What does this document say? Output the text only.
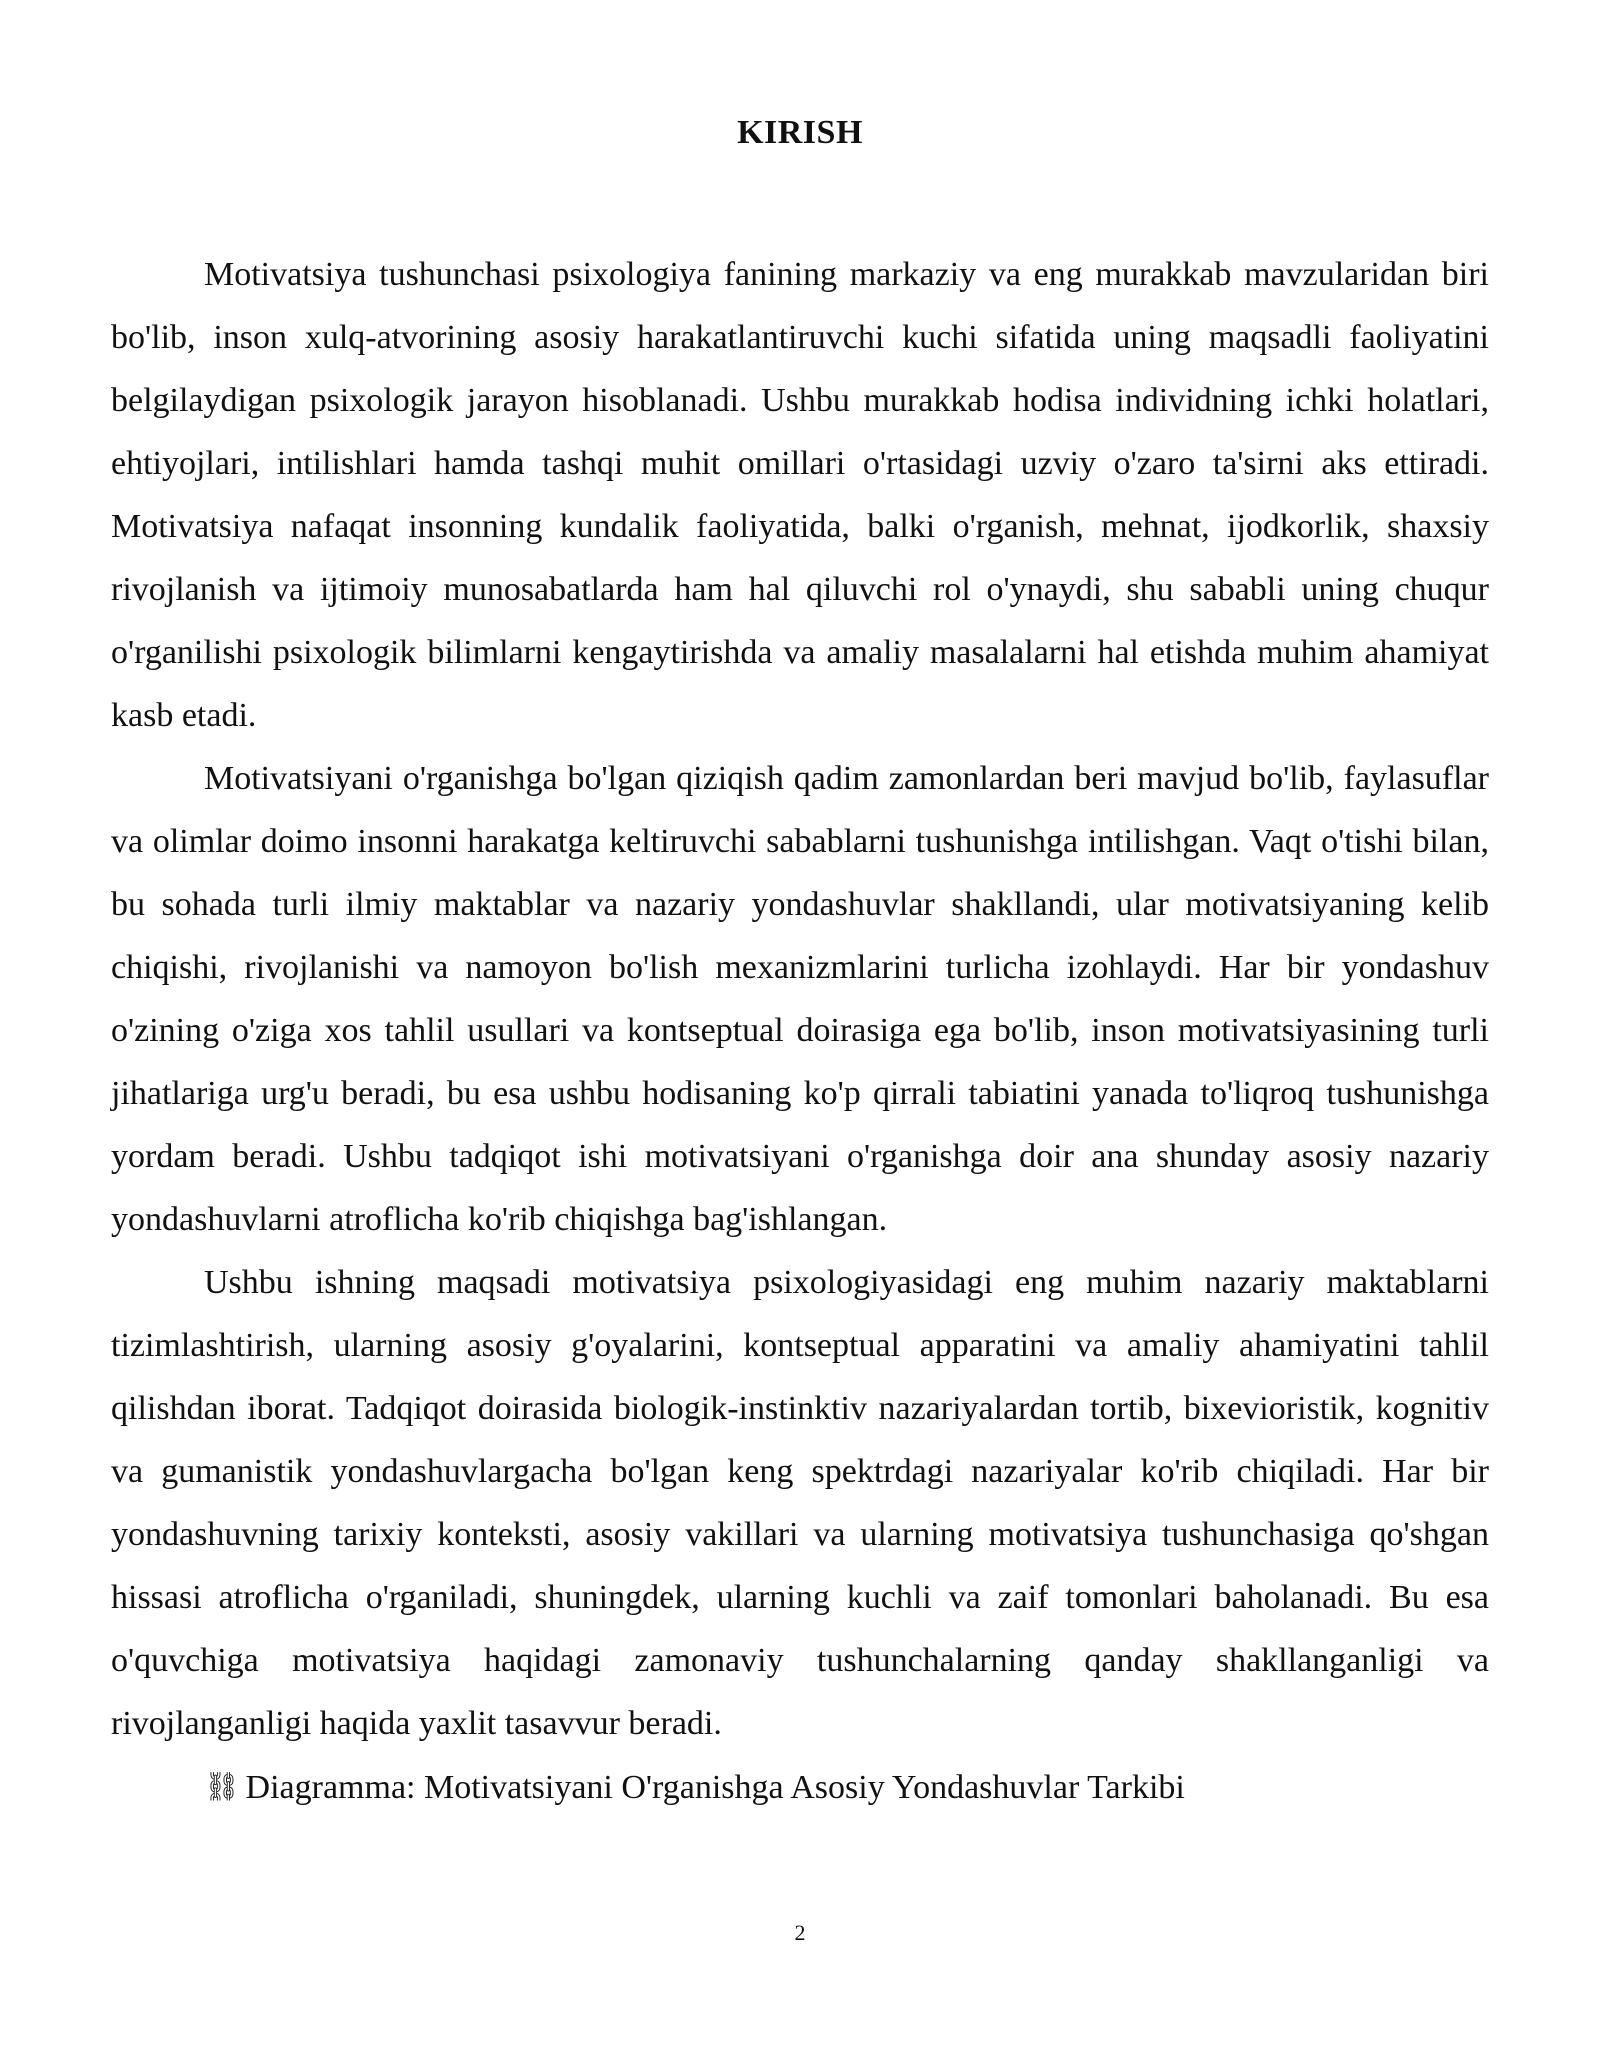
KIRISH

Motivatsiya tushunchasi psixologiya fanining markaziy va eng murakkab mavzularidan biri bo'lib, inson xulq-atvorining asosiy harakatlantiruvchi kuchi sifatida uning maqsadli faoliyatini belgilaydigan psixologik jarayon hisoblanadi. Ushbu murakkab hodisa individning ichki holatlari, ehtiyojlari, intilishlari hamda tashqi muhit omillari o'rtasidagi uzviy o'zaro ta'sirni aks ettiradi. Motivatsiya nafaqat insonning kundalik faoliyatida, balki o'rganish, mehnat, ijodkorlik, shaxsiy rivojlanish va ijtimoiy munosabatlarda ham hal qiluvchi rol o'ynaydi, shu sababli uning chuqur o'rganilishi psixologik bilimlarni kengaytirishda va amaliy masalalarni hal etishda muhim ahamiyat kasb etadi.

Motivatsiyani o'rganishga bo'lgan qiziqish qadim zamonlardan beri mavjud bo'lib, faylasuflar va olimlar doimo insonni harakatga keltiruvchi sabablarni tushunishga intilishgan. Vaqt o'tishi bilan, bu sohada turli ilmiy maktablar va nazariy yondashuvlar shakllandi, ular motivatsiyaning kelib chiqishi, rivojlanishi va namoyon bo'lish mexanizmlarini turlicha izohlaydi. Har bir yondashuv o'zining o'ziga xos tahlil usullari va kontseptual doirasiga ega bo'lib, inson motivatsiyasining turli jihatlariga urg'u beradi, bu esa ushbu hodisaning ko'p qirrali tabiatini yanada to'liqroq tushunishga yordam beradi. Ushbu tadqiqot ishi motivatsiyani o'rganishga doir ana shunday asosiy nazariy yondashuvlarni atroflicha ko'rib chiqishga bag'ishlangan.

Ushbu ishning maqsadi motivatsiya psixologiyasidagi eng muhim nazariy maktablarni tizimlashtirish, ularning asosiy g'oyalarini, kontseptual apparatini va amaliy ahamiyatini tahlil qilishdan iborat. Tadqiqot doirasida biologik-instinktiv nazariyalardan tortib, bixevioristik, kognitiv va gumanistik yondashuvlargacha bo'lgan keng spektrdagi nazariyalar ko'rib chiqiladi. Har bir yondashuvning tarixiy konteksti, asosiy vakillari va ularning motivatsiya tushunchasiga qo'shgan hissasi atroflicha o'rganiladi, shuningdek, ularning kuchli va zaif tomonlari baholanadi. Bu esa o'quvchiga motivatsiya haqidagi zamonaviy tushunchalarning qanday shakllanganligi va rivojlanganligi haqida yaxlit tasavvur beradi.

⛓ Diagramma: Motivatsiyani O'rganishga Asosiy Yondashuvlar Tarkibi

2
